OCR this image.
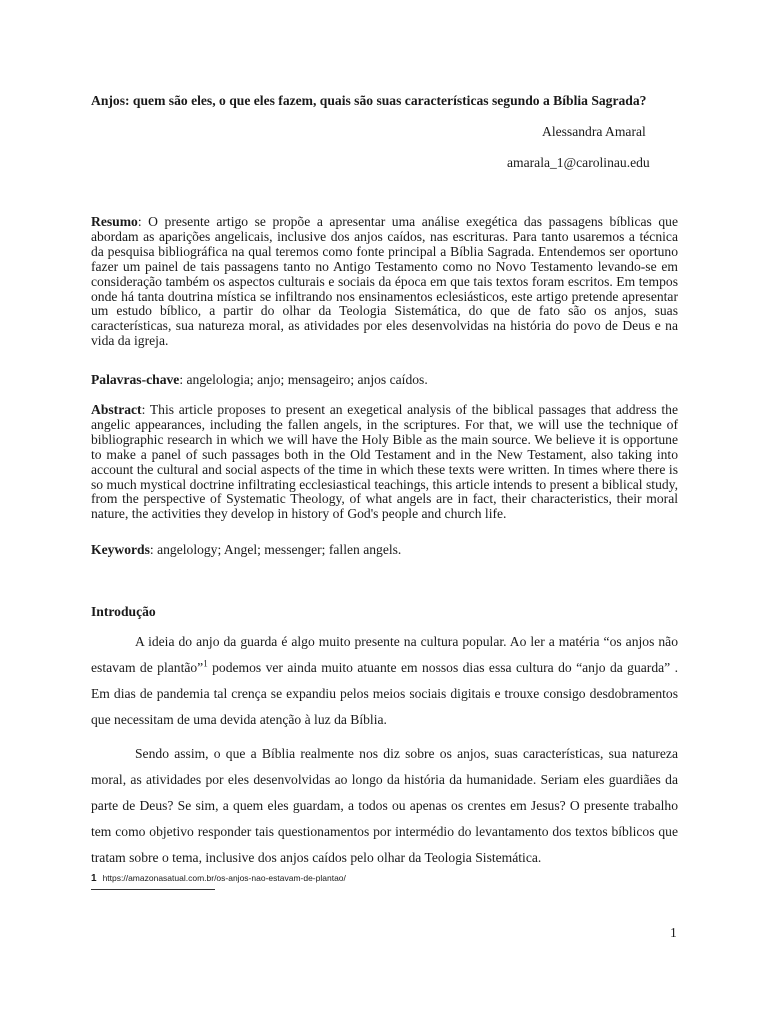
Anjos: quem são eles, o que eles fazem, quais são suas características segundo a Bíblia Sagrada?
Alessandra Amaral
amarala_1@carolinau.edu
Resumo: O presente artigo se propõe a apresentar uma análise exegética das passagens bíblicas que abordam as aparições angelicais, inclusive dos anjos caídos, nas escrituras. Para tanto usaremos a técnica da pesquisa bibliográfica na qual teremos como fonte principal a Bíblia Sagrada. Entendemos ser oportuno fazer um painel de tais passagens tanto no Antigo Testamento como no Novo Testamento levando-se em consideração também os aspectos culturais e sociais da época em que tais textos foram escritos. Em tempos onde há tanta doutrina mística se infiltrando nos ensinamentos eclesiásticos, este artigo pretende apresentar um estudo bíblico, a partir do olhar da Teologia Sistemática, do que de fato são os anjos, suas características, sua natureza moral, as atividades por eles desenvolvidas na história do povo de Deus e na vida da igreja.
Palavras-chave: angelologia; anjo; mensageiro; anjos caídos.
Abstract: This article proposes to present an exegetical analysis of the biblical passages that address the angelic appearances, including the fallen angels, in the scriptures. For that, we will use the technique of bibliographic research in which we will have the Holy Bible as the main source. We believe it is opportune to make a panel of such passages both in the Old Testament and in the New Testament, also taking into account the cultural and social aspects of the time in which these texts were written. In times where there is so much mystical doctrine infiltrating ecclesiastical teachings, this article intends to present a biblical study, from the perspective of Systematic Theology, of what angels are in fact, their characteristics, their moral nature, the activities they develop in history of God's people and church life.
Keywords: angelology; Angel; messenger; fallen angels.
Introdução
A ideia do anjo da guarda é algo muito presente na cultura popular. Ao ler a matéria “os anjos não estavam de plantão”$^1$ podemos ver ainda muito atuante em nossos dias essa cultura do “anjo da guarda” . Em dias de pandemia tal crença se expandiu pelos meios sociais digitais e trouxe consigo desdobramentos que necessitam de uma devida atenção à luz da Bíblia.
Sendo assim, o que a Bíblia realmente nos diz sobre os anjos, suas características, sua natureza moral, as atividades por eles desenvolvidas ao longo da história da humanidade. Seriam eles guardiães da parte de Deus? Se sim, a quem eles guardam, a todos ou apenas os crentes em Jesus? O presente trabalho tem como objetivo responder tais questionamentos por intermédio do levantamento dos textos bíblicos que tratam sobre o tema, inclusive dos anjos caídos pelo olhar da Teologia Sistemática.
1 https://amazonasatual.com.br/os-anjos-nao-estavam-de-plantao/
1
